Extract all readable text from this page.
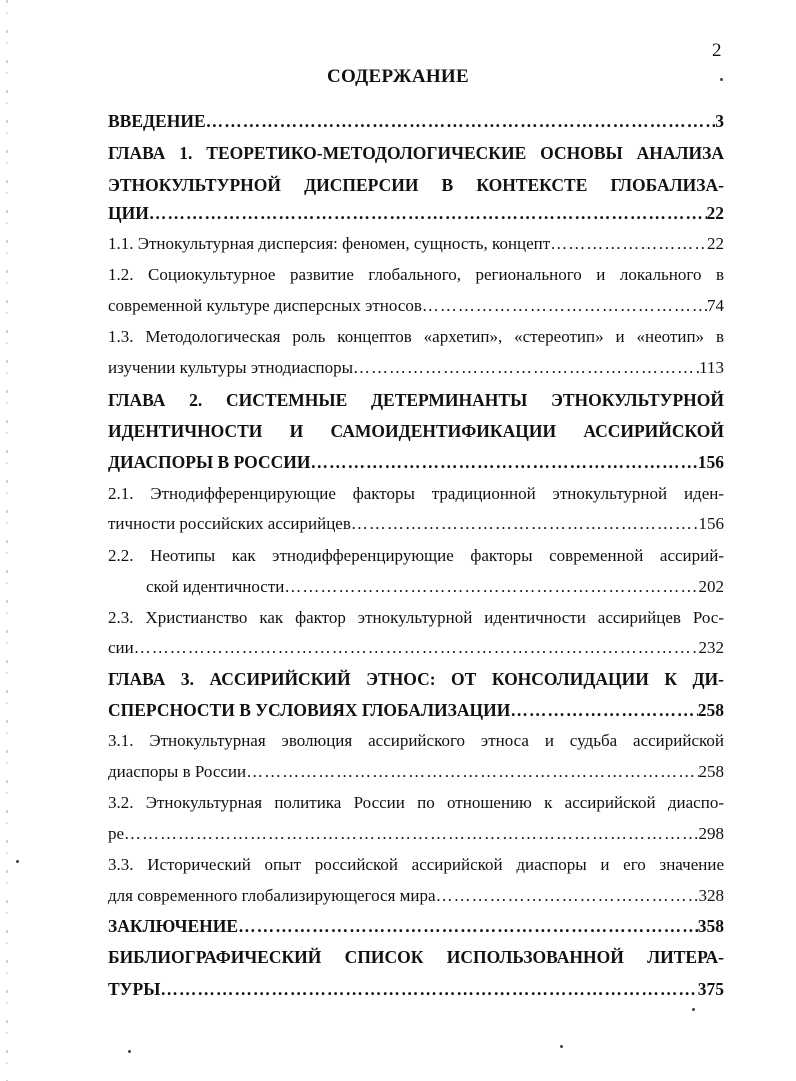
2
СОДЕРЖАНИЕ
ВВЕДЕНИЕ ……………………………………………………………………………………………………………………………………………………………	3
ГЛАВА 1. ТЕОРЕТИКО-МЕТОДОЛОГИЧЕСКИЕ ОСНОВЫ АНАЛИЗА
ЭТНОКУЛЬТУРНОЙ ДИСПЕРСИИ В КОНТЕКСТЕ ГЛОБАЛИЗА-
ЦИИ ……………………………………………………………………………………………………………………………………………………………	22
1.1. Этнокультурная дисперсия: феномен, сущность, концепт ……………………………………………………………………………………………………………………………………………………………	22
1.2. Социокультурное развитие глобального, регионального и локального в
современной культуре дисперсных этносов ……………………………………………………………………………………………………………………………………………………………	74
1.3. Методологическая роль концептов «архетип», «стереотип» и «неотип» в
изучении культуры этнодиаспоры ……………………………………………………………………………………………………………………………………………………………	113
ГЛАВА 2. СИСТЕМНЫЕ ДЕТЕРМИНАНТЫ ЭТНОКУЛЬТУРНОЙ
ИДЕНТИЧНОСТИ И САМОИДЕНТИФИКАЦИИ АССИРИЙСКОЙ
ДИАСПОРЫ В РОССИИ ……………………………………………………………………………………………………………………………………………………………	156
2.1. Этнодифференцирующие факторы традиционной этнокультурной иден-
тичности российских ассирийцев ……………………………………………………………………………………………………………………………………………………………	156
2.2. Неотипы как этнодифференцирующие факторы современной ассирий-
ской идентичности ……………………………………………………………………………………………………………………………………………………………	202
2.3. Христианство как фактор этнокультурной идентичности ассирийцев Рос-
сии ……………………………………………………………………………………………………………………………………………………………	232
ГЛАВА 3. АССИРИЙСКИЙ ЭТНОС: ОТ КОНСОЛИДАЦИИ К ДИ-
СПЕРСНОСТИ В УСЛОВИЯХ ГЛОБАЛИЗАЦИИ ……………………………………………………………………………………………………………………………………………………………	258
3.1. Этнокультурная эволюция ассирийского этноса и судьба ассирийской
диаспоры в России ……………………………………………………………………………………………………………………………………………………………	258
3.2. Этнокультурная политика России по отношению к ассирийской диаспо-
ре ……………………………………………………………………………………………………………………………………………………………	298
3.3. Исторический опыт российской ассирийской диаспоры и его значение
для современного глобализирующегося мира ……………………………………………………………………………………………………………………………………………………………	328
ЗАКЛЮЧЕНИЕ ……………………………………………………………………………………………………………………………………………………………	358
БИБЛИОГРАФИЧЕСКИЙ СПИСОК ИСПОЛЬЗОВАННОЙ ЛИТЕРА-
ТУРЫ ……………………………………………………………………………………………………………………………………………………………	375
